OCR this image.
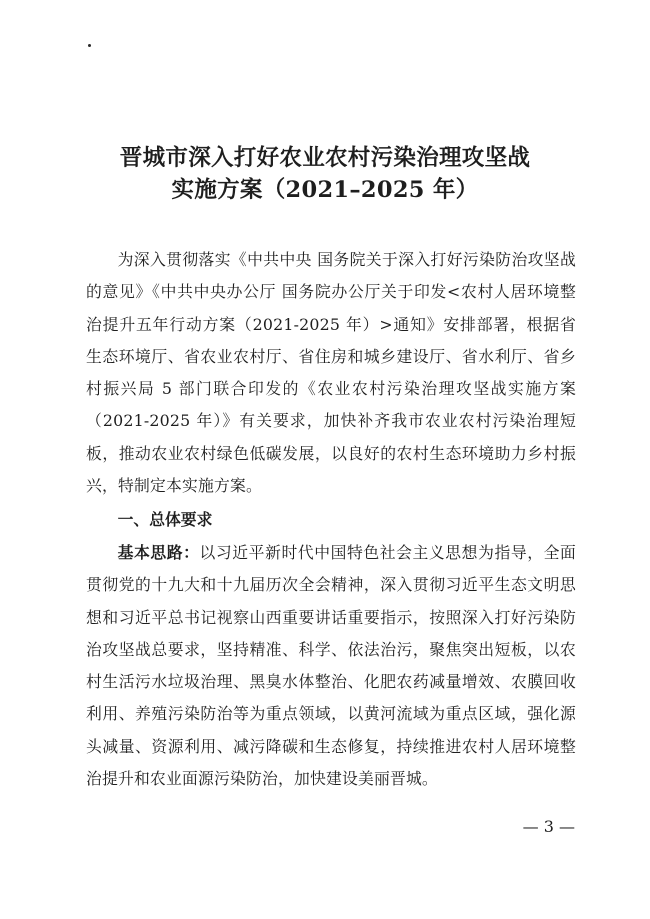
晋城市深入打好农业农村污染治理攻坚战
实施方案（2021–2025 年）

为深入贯彻落实《中共中央 国务院关于深入打好污染防治攻坚战的意见》《中共中央办公厅 国务院办公厅关于印发<农村人居环境整治提升五年行动方案（2021-2025 年）>通知》安排部署，根据省生态环境厅、省农业农村厅、省住房和城乡建设厅、省水利厅、省乡村振兴局 5 部门联合印发的《农业农村污染治理攻坚战实施方案（2021-2025 年）》有关要求，加快补齐我市农业农村污染治理短板，推动农业农村绿色低碳发展，以良好的农村生态环境助力乡村振兴，特制定本实施方案。

一、总体要求

基本思路：以习近平新时代中国特色社会主义思想为指导，全面贯彻党的十九大和十九届历次全会精神，深入贯彻习近平生态文明思想和习近平总书记视察山西重要讲话重要指示，按照深入打好污染防治攻坚战总要求，坚持精准、科学、依法治污，聚焦突出短板，以农村生活污水垃圾治理、黑臭水体整治、化肥农药减量增效、农膜回收利用、养殖污染防治等为重点领域，以黄河流域为重点区域，强化源头减量、资源利用、减污降碳和生态修复，持续推进农村人居环境整治提升和农业面源污染防治，加快建设美丽晋城。

— 3 —
